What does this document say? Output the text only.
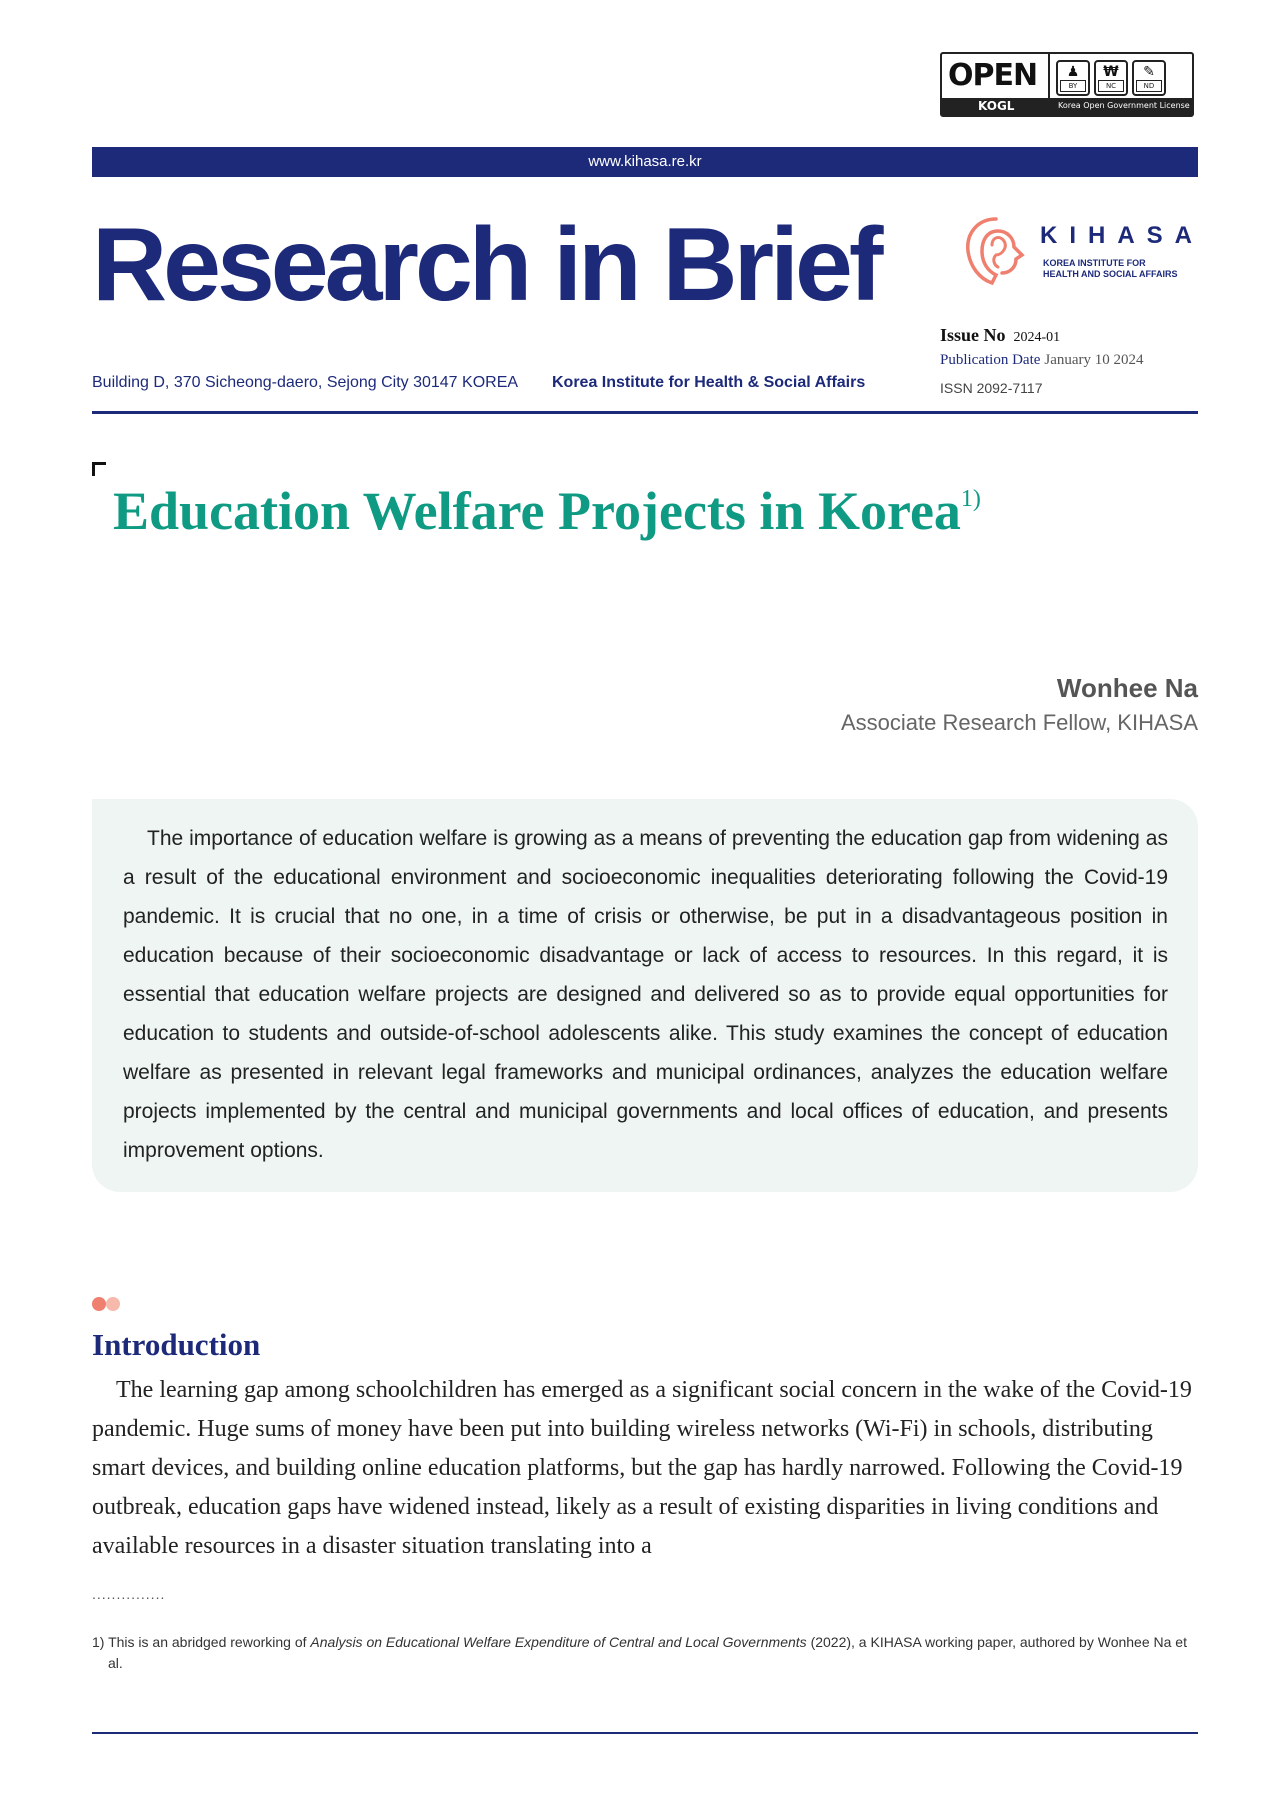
OPEN	♟
BY
₩
NC
✎
ND
KOGL	Korea Open Government License
www.kihasa.re.kr
Research in Brief	KIHASA
KOREA INSTITUTE FOR
HEALTH AND SOCIAL AFFAIRS
Issue No 2024-01
Publication Date January 10 2024
ISSN 2092-7117
Building D, 370 Sicheong-daero, Sejong City 30147 KOREA Korea Institute for Health & Social Affairs
Education Welfare Projects in Korea$^{1)}$
Wonhee Na
Associate Research Fellow, KIHASA

The importance of education welfare is growing as a means of preventing the education gap from widening as a result of the educational environment and socioeconomic inequalities deteriorating following the Covid-19 pandemic. It is crucial that no one, in a time of crisis or otherwise, be put in a disadvantageous position in education because of their socioeconomic disadvantage or lack of access to resources. In this regard, it is essential that education welfare projects are designed and delivered so as to provide equal opportunities for education to students and outside-of-school adolescents alike. This study examines the concept of education welfare as presented in relevant legal frameworks and municipal ordinances, analyzes the education welfare projects implemented by the central and municipal governments and local offices of education, and presents improvement options.

Introduction

The learning gap among schoolchildren has emerged as a significant social concern in the wake of the Covid-19 pandemic. Huge sums of money have been put into building wireless networks (Wi-Fi) in schools, distributing smart devices, and building online education platforms, but the gap has hardly narrowed. Following the Covid-19 outbreak, education gaps have widened instead, likely as a result of existing disparities in living conditions and available resources in a disaster situation translating into a

...............

1) This is an abridged reworking of Analysis on Educational Welfare Expenditure of Central and Local Governments (2022), a KIHASA working paper, authored by Wonhee Na et al.
